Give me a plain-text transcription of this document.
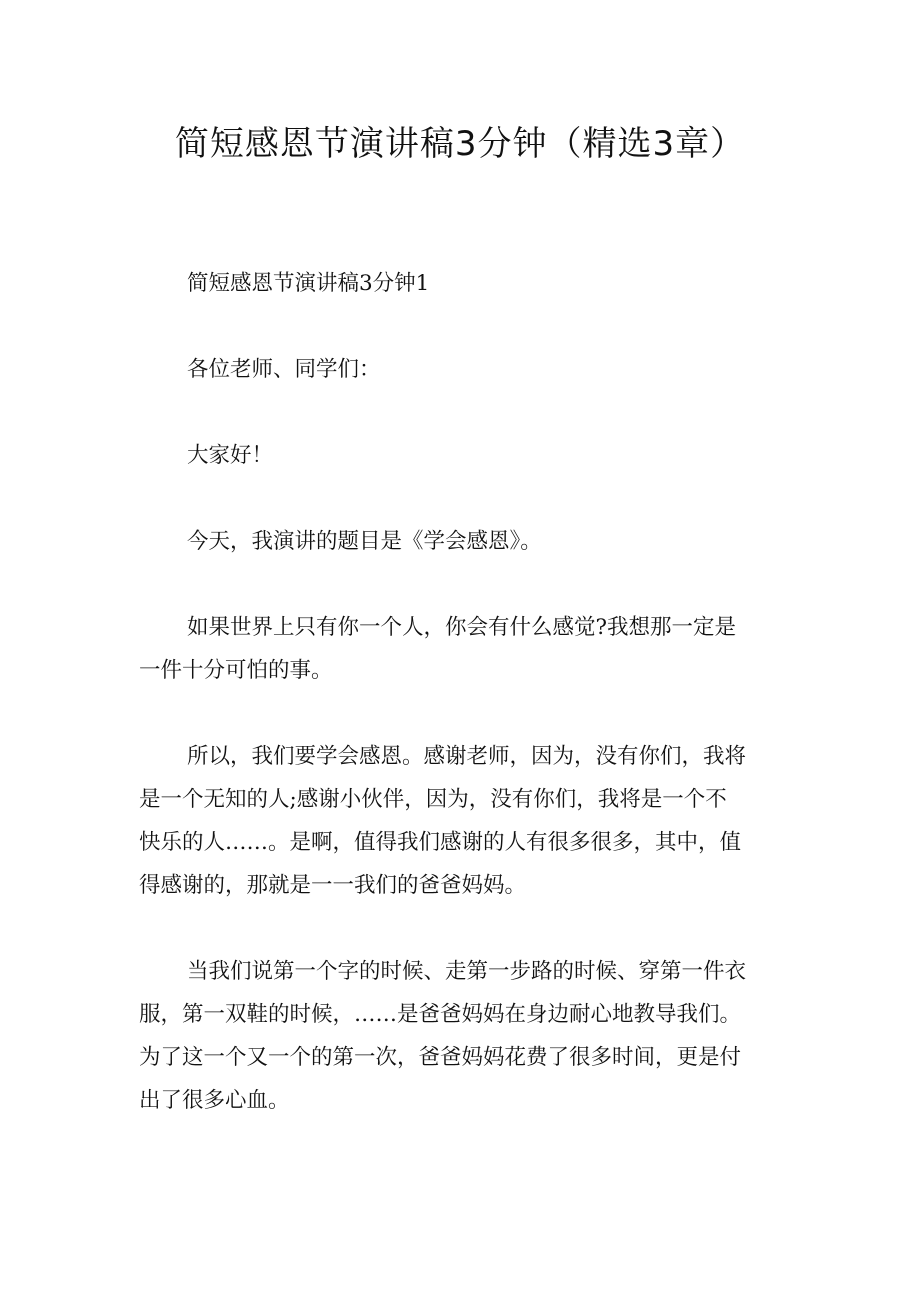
简短感恩节演讲稿3分钟（精选3章）

简短感恩节演讲稿3分钟1

各位老师、同学们：

大家好！

今天，我演讲的题目是《学会感恩》。

如果世界上只有你一个人，你会有什么感觉?我想那一定是
一件十分可怕的事。

所以，我们要学会感恩。感谢老师，因为，没有你们，我将
是一个无知的人;感谢小伙伴，因为，没有你们，我将是一个不
快乐的人……。是啊，值得我们感谢的人有很多很多，其中，值
得感谢的，那就是一一我们的爸爸妈妈。

当我们说第一个字的时候、走第一步路的时候、穿第一件衣
服，第一双鞋的时候，……是爸爸妈妈在身边耐心地教导我们。
为了这一个又一个的第一次，爸爸妈妈花费了很多时间，更是付
出了很多心血。
